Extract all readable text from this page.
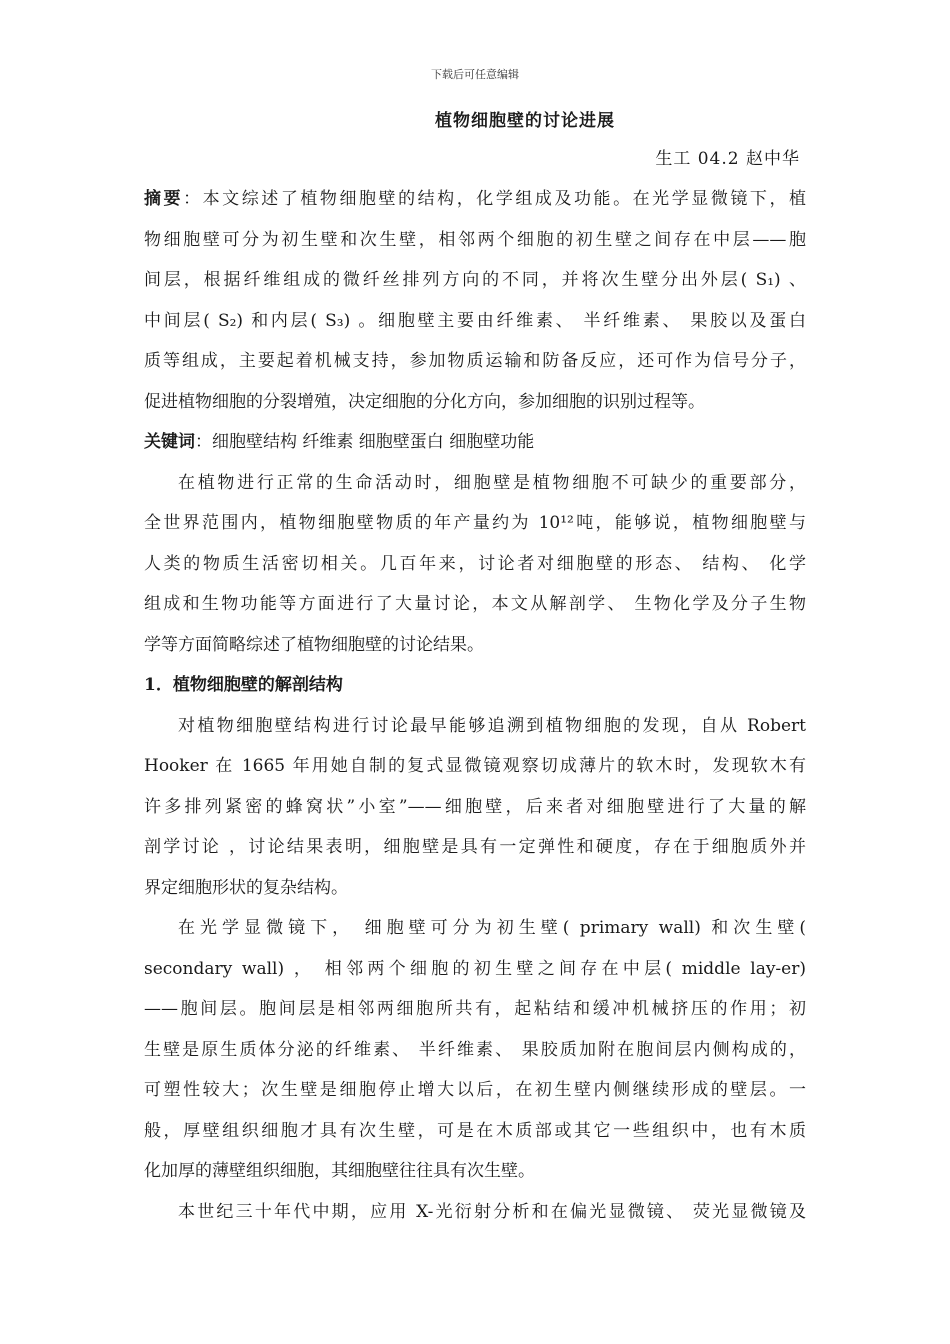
下载后可任意编辑
植物细胞壁的讨论进展
生工 04.2 赵中华
摘要：本文综述了植物细胞壁的结构，化学组成及功能。在光学显微镜下，植
物细胞壁可分为初生壁和次生壁，相邻两个细胞的初生壁之间存在中层——胞
间层，根据纤维组成的微纤丝排列方向的不同，并将次生壁分出外层( S₁) 、
中间层( S₂) 和内层( S₃) 。细胞壁主要由纤维素、 半纤维素、 果胶以及蛋白
质等组成，主要起着机械支持，参加物质运输和防备反应，还可作为信号分子，
促进植物细胞的分裂增殖，决定细胞的分化方向，参加细胞的识别过程等。
关键词：细胞壁结构 纤维素 细胞壁蛋白 细胞壁功能
在植物进行正常的生命活动时，细胞壁是植物细胞不可缺少的重要部分，
全世界范围内，植物细胞壁物质的年产量约为 10¹²吨，能够说，植物细胞壁与
人类的物质生活密切相关。几百年来，讨论者对细胞壁的形态、 结构、 化学
组成和生物功能等方面进行了大量讨论，本文从解剖学、 生物化学及分子生物
学等方面简略综述了植物细胞壁的讨论结果。
1．植物细胞壁的解剖结构
对植物细胞壁结构进行讨论最早能够追溯到植物细胞的发现，自从 Robert
Hooker 在 1665 年用她自制的复式显微镜观察切成薄片的软木时，发现软木有
许多排列紧密的蜂窝状”小室”——细胞壁，后来者对细胞壁进行了大量的解
剖学讨论 ，讨论结果表明，细胞壁是具有一定弹性和硬度，存在于细胞质外并
界定细胞形状的复杂结构。
在光学显微镜下， 细胞壁可分为初生壁( primary wall) 和次生壁(
secondary wall) ， 相邻两个细胞的初生壁之间存在中层( middle lay-er)
——胞间层。胞间层是相邻两细胞所共有，起粘结和缓冲机械挤压的作用；初
生壁是原生质体分泌的纤维素、 半纤维素、 果胶质加附在胞间层内侧构成的，
可塑性较大；次生壁是细胞停止增大以后，在初生壁内侧继续形成的壁层。一
般，厚壁组织细胞才具有次生壁，可是在木质部或其它一些组织中，也有木质
化加厚的薄壁组织细胞，其细胞壁往往具有次生壁。
本世纪三十年代中期，应用 X-光衍射分析和在偏光显微镜、 荧光显微镜及
